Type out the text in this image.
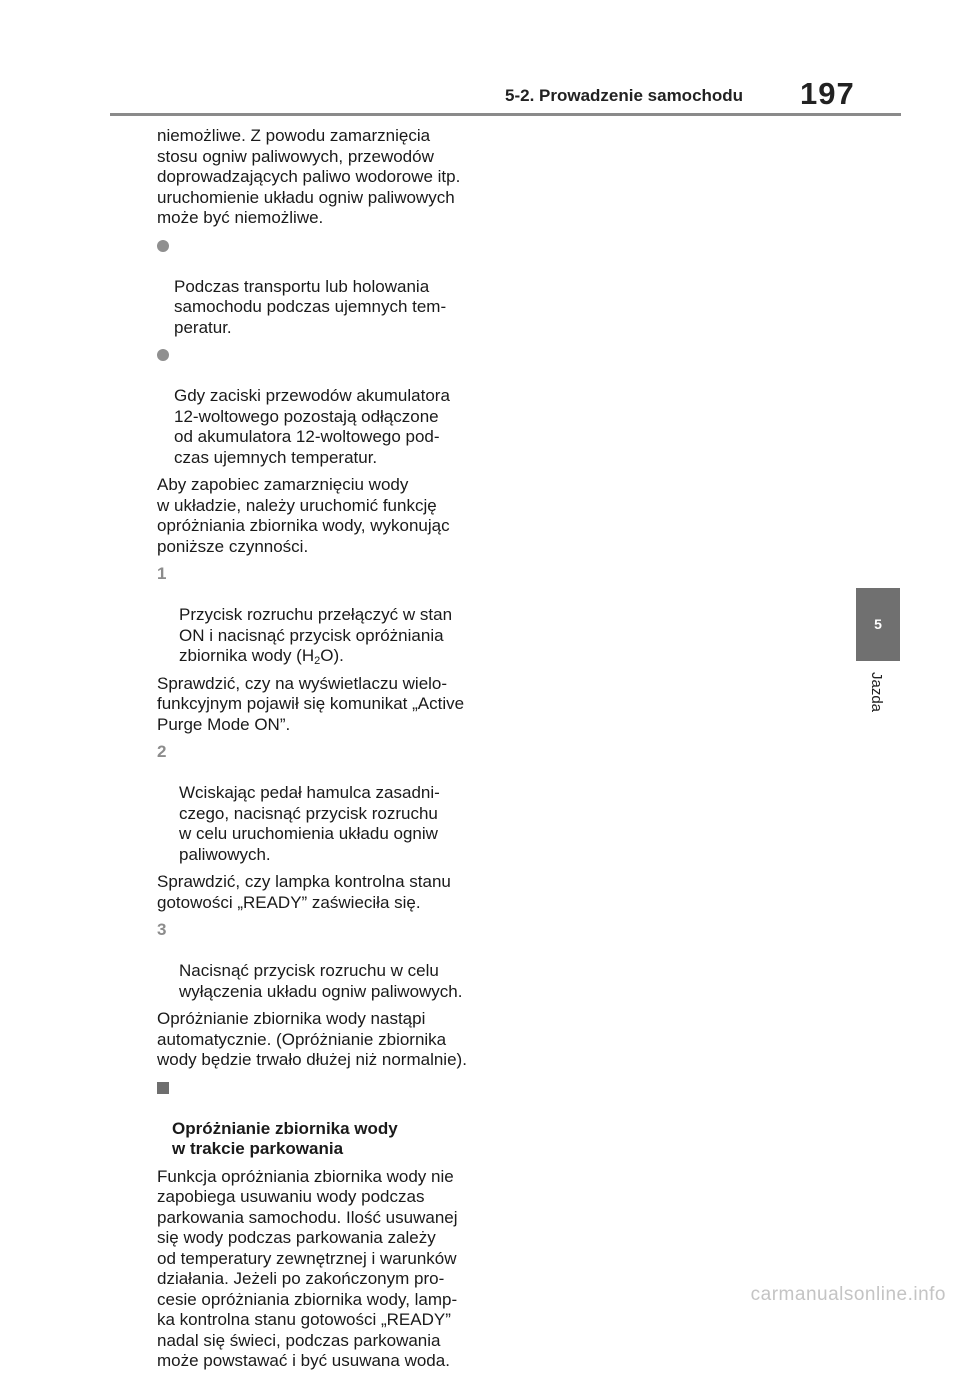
5-2. Prowadzenie samochodu 197
5
Jazda

niemożliwe. Z powodu zamarznięcia
stosu ogniw paliwowych, przewodów
doprowadzających paliwo wodorowe itp.
uruchomienie układu ogniw paliwowych
może być niemożliwe.

Podczas transportu lub holowania
samochodu podczas ujemnych tem-
peratur.

Gdy zaciski przewodów akumulatora
12-woltowego pozostają odłączone
od akumulatora 12-woltowego pod-
czas ujemnych temperatur.

Aby zapobiec zamarznięciu wody
w układzie, należy uruchomić funkcję
opróżniania zbiornika wody, wykonując
poniższe czynności.

1

Przycisk rozruchu przełączyć w stan
ON i nacisnąć przycisk opróżniania
zbiornika wody $(H_2O)$.

Sprawdzić, czy na wyświetlaczu wielo-
funkcyjnym pojawił się komunikat „Active
Purge Mode ON”.

2

Wciskając pedał hamulca zasadni-
czego, nacisnąć przycisk rozruchu
w celu uruchomienia układu ogniw
paliwowych.

Sprawdzić, czy lampka kontrolna stanu
gotowości „READY” zaświeciła się.

3

Nacisnąć przycisk rozruchu w celu
wyłączenia układu ogniw paliwowych.

Opróżnianie zbiornika wody nastąpi
automatycznie. (Opróżnianie zbiornika
wody będzie trwało dłużej niż normalnie).

Opróżnianie zbiornika wody
w trakcie parkowania

Funkcja opróżniania zbiornika wody nie
zapobiega usuwaniu wody podczas
parkowania samochodu. Ilość usuwanej
się wody podczas parkowania zależy
od temperatury zewnętrznej i warunków
działania. Jeżeli po zakończonym pro-
cesie opróżniania zbiornika wody, lamp-
ka kontrolna stanu gotowości „READY”
nadal się świeci, podczas parkowania
może powstawać i być usuwana woda.

carmanualsonline.info
